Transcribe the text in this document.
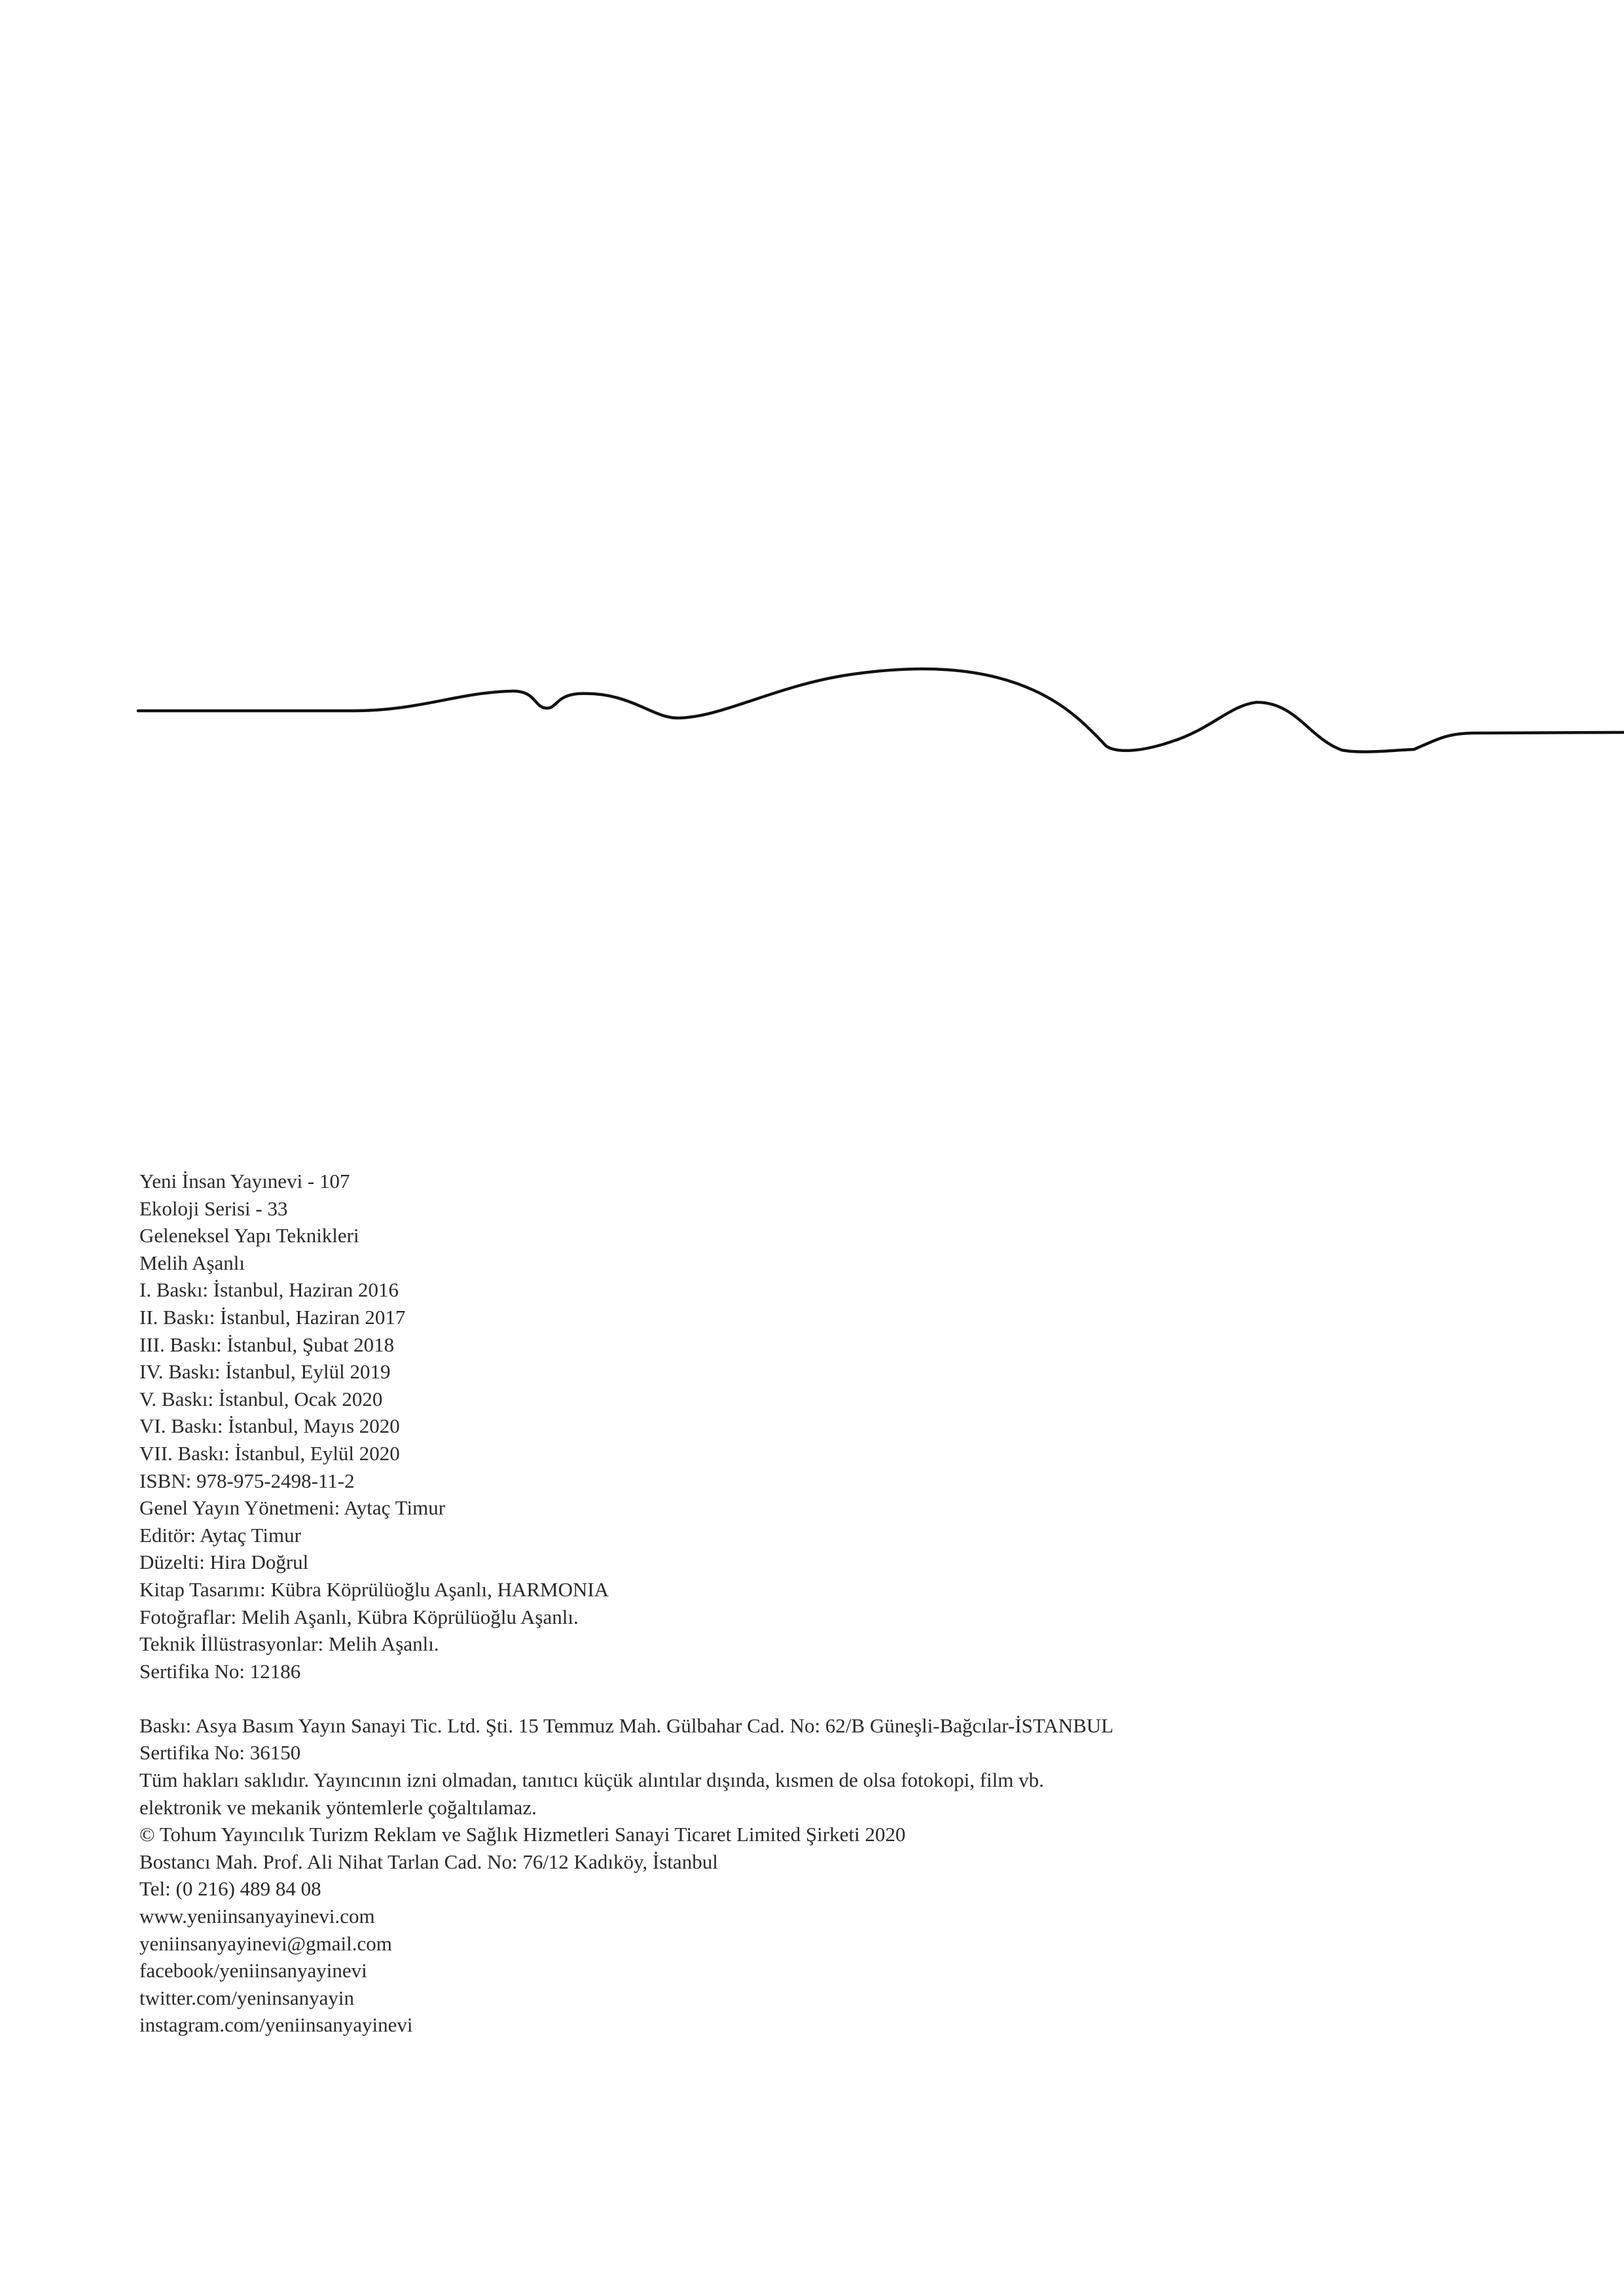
Yeni İnsan Yayınevi - 107
Ekoloji Serisi - 33
Geleneksel Yapı Teknikleri
Melih Aşanlı
I. Baskı: İstanbul, Haziran 2016
II. Baskı: İstanbul, Haziran 2017
III. Baskı: İstanbul, Şubat 2018
IV. Baskı: İstanbul, Eylül 2019
V. Baskı: İstanbul, Ocak 2020
VI. Baskı: İstanbul, Mayıs 2020
VII. Baskı: İstanbul, Eylül 2020
ISBN: 978-975-2498-11-2
Genel Yayın Yönetmeni: Aytaç Timur
Editör: Aytaç Timur
Düzelti: Hira Doğrul
Kitap Tasarımı: Kübra Köprülüoğlu Aşanlı, HARMONIA
Fotoğraflar: Melih Aşanlı, Kübra Köprülüoğlu Aşanlı.
Teknik İllüstrasyonlar: Melih Aşanlı.
Sertifika No: 12186
Baskı: Asya Basım Yayın Sanayi Tic. Ltd. Şti. 15 Temmuz Mah. Gülbahar Cad. No: 62/B Güneşli-Bağcılar-İSTANBUL
Sertifika No: 36150
Tüm hakları saklıdır. Yayıncının izni olmadan, tanıtıcı küçük alıntılar dışında, kısmen de olsa fotokopi, film vb.
elektronik ve mekanik yöntemlerle çoğaltılamaz.
© Tohum Yayıncılık Turizm Reklam ve Sağlık Hizmetleri Sanayi Ticaret Limited Şirketi 2020
Bostancı Mah. Prof. Ali Nihat Tarlan Cad. No: 76/12 Kadıköy, İstanbul
Tel: (0 216) 489 84 08
www.yeniinsanyayinevi.com
yeniinsanyayinevi@gmail.com
facebook/yeniinsanyayinevi
twitter.com/yeninsanyayin
instagram.com/yeniinsanyayinevi
